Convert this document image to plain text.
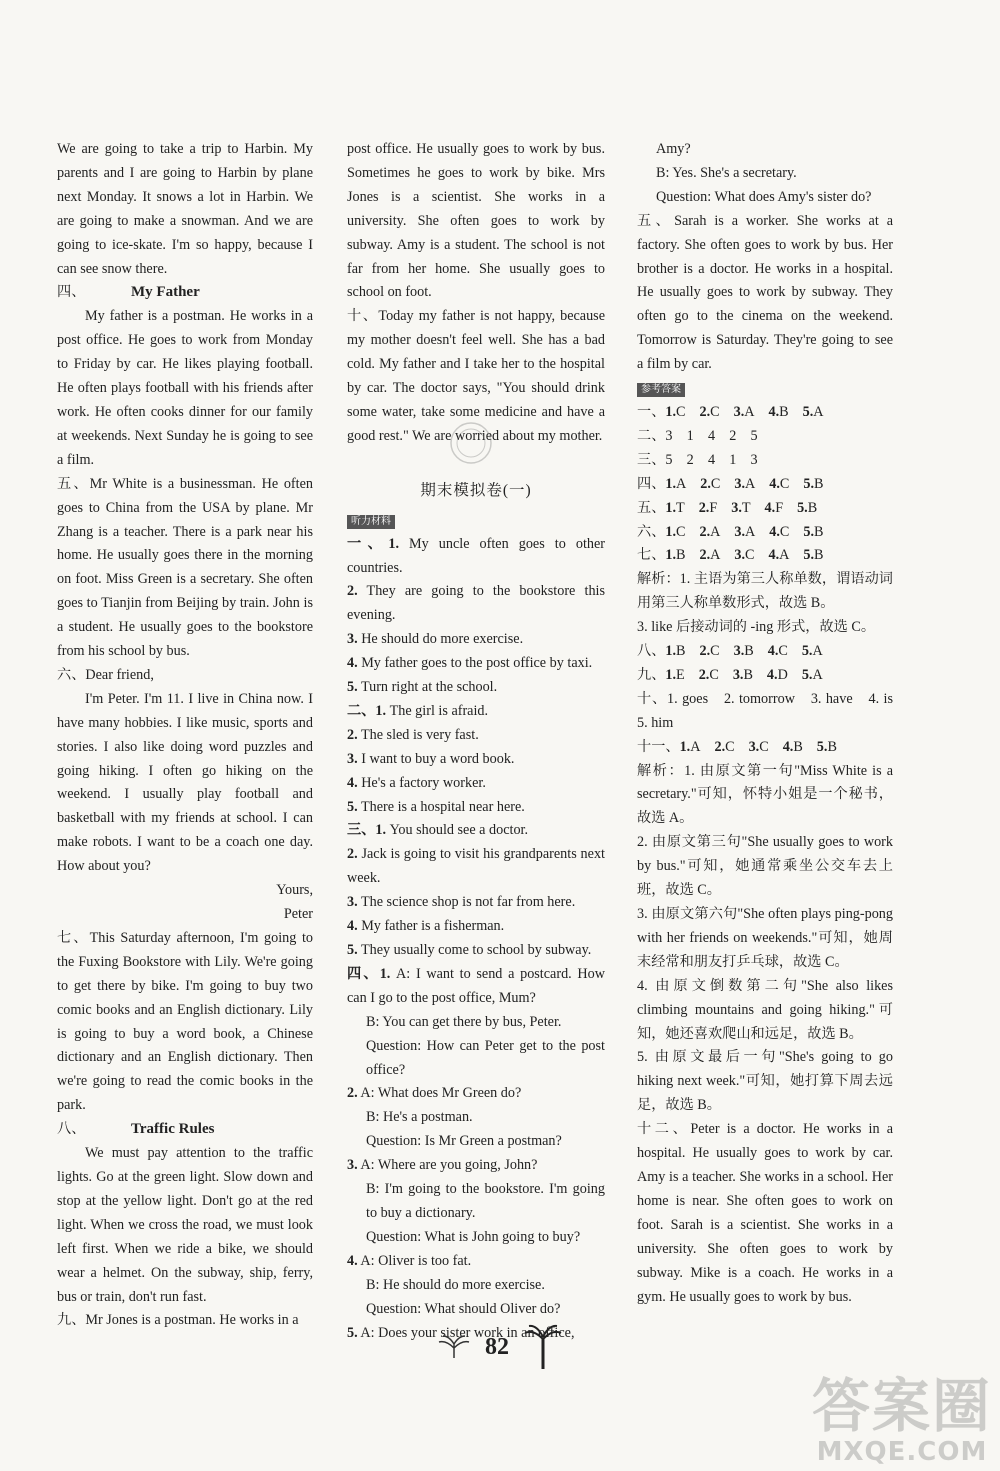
We are going to take a trip to Harbin. My parents and I are going to Harbin by plane next Monday. It snows a lot in Harbin. We are going to make a snowman. And we are going to ice-skate. I'm so happy, because I can see snow there.

四、	My Father

My father is a postman. He works in a post office. He goes to work from Monday to Friday by car. He likes playing football. He often plays football with his friends after work. He often cooks dinner for our family at weekends. Next Sunday he is going to see a film.

五、Mr White is a businessman. He often goes to China from the USA by plane. Mr Zhang is a teacher. There is a park near his home. He usually goes there in the morning on foot. Miss Green is a secretary. She often goes to Tianjin from Beijing by train. John is a student. He usually goes to the bookstore from his school by bus.

六、Dear friend,

I'm Peter. I'm 11. I live in China now. I have many hobbies. I like music, sports and stories. I also like doing word puzzles and going hiking. I often go hiking on the weekend. I usually play football and basketball with my friends at school. I can make robots. I want to be a coach one day. How about you?

Yours,

Peter

七、This Saturday afternoon, I'm going to the Fuxing Bookstore with Lily. We're going to get there by bike. I'm going to buy two comic books and an English dictionary. Lily is going to buy a word book, a Chinese dictionary and an English dictionary. Then we're going to read the comic books in the park.

八、	Traffic Rules

We must pay attention to the traffic lights. Go at the green light. Slow down and stop at the yellow light. Don't go at the red light. When we cross the road, we must look left first. When we ride a bike, we should wear a helmet. On the subway, ship, ferry, bus or train, don't run fast.

九、Mr Jones is a postman. He works in a

post office. He usually goes to work by bus. Sometimes he goes to work by bike. Mrs Jones is a scientist. She works in a university. She often goes to work by subway. Amy is a student. The school is not far from her home. She usually goes to school on foot.

十、Today my father is not happy, because my mother doesn't feel well. She has a bad cold. My father and I take her to the hospital by car. The doctor says, "You should drink some water, take some medicine and have a good rest." We are worried about my mother.

期末模拟卷(一)
听力材料

一、1. My uncle often goes to other countries.

2. They are going to the bookstore this evening.

3. He should do more exercise.

4. My father goes to the post office by taxi.

5. Turn right at the school.

二、1. The girl is afraid.

2. The sled is very fast.

3. I want to buy a word book.

4. He's a factory worker.

5. There is a hospital near here.

三、1. You should see a doctor.

2. Jack is going to visit his grandparents next week.

3. The science shop is not far from here.

4. My father is a fisherman.

5. They usually come to school by subway.

四、1. A: I want to send a postcard. How can I go to the post office, Mum?

B: You can get there by bus, Peter.

Question: How can Peter get to the post office?

2. A: What does Mr Green do?

B: He's a postman.

Question: Is Mr Green a postman?

3. A: Where are you going, John?

B: I'm going to the bookstore. I'm going to buy a dictionary.

Question: What is John going to buy?

4. A: Oliver is too fat.

B: He should do more exercise.

Question: What should Oliver do?

5. A: Does your sister work in an office,

Amy?

B: Yes. She's a secretary.

Question: What does Amy's sister do?

五、Sarah is a worker. She works at a factory. She often goes to work by bus. Her brother is a doctor. He works in a hospital. He usually goes to work by subway. They often go to the cinema on the weekend. Tomorrow is Saturday. They're going to see a film by car.

参考答案

一、1.C 2.C 3.A 4.B 5.A

二、3　1　4　2　5

三、5　2　4　1　3

四、1.A 2.C 3.A 4.C 5.B

五、1.T 2.F 3.T 4.F 5.B

六、1.C 2.A 3.A 4.C 5.B

七、1.B 2.A 3.C 4.A 5.B

解析：1. 主语为第三人称单数，谓语动词用第三人称单数形式，故选 B。

3. like 后接动词的 -ing 形式，故选 C。

八、1.B 2.C 3.B 4.C 5.A

九、1.E 2.C 3.B 4.D 5.A

十、1. goes　2. tomorrow　3. have　4. is　5. him

十一、1.A 2.C 3.C 4.B 5.B

解析：1. 由原文第一句"Miss White is a secretary."可知，怀特小姐是一个秘书，故选 A。

2. 由原文第三句"She usually goes to work by bus."可知，她通常乘坐公交车去上班，故选 C。

3. 由原文第六句"She often plays ping-pong with her friends on weekends."可知，她周末经常和朋友打乒乓球，故选 C。

4. 由原文倒数第二句"She also likes climbing mountains and going hiking."可知，她还喜欢爬山和远足，故选 B。

5. 由原文最后一句"She's going to go hiking next week."可知，她打算下周去远足，故选 B。

十二、Peter is a doctor. He works in a hospital. He usually goes to work by car. Amy is a teacher. She works in a school. Her home is near. She often goes to work on foot. Sarah is a scientist. She works in a university. She often goes to work by subway. Mike is a coach. He works in a gym. He usually goes to work by bus.

82
答案圈
MXQE.COM
